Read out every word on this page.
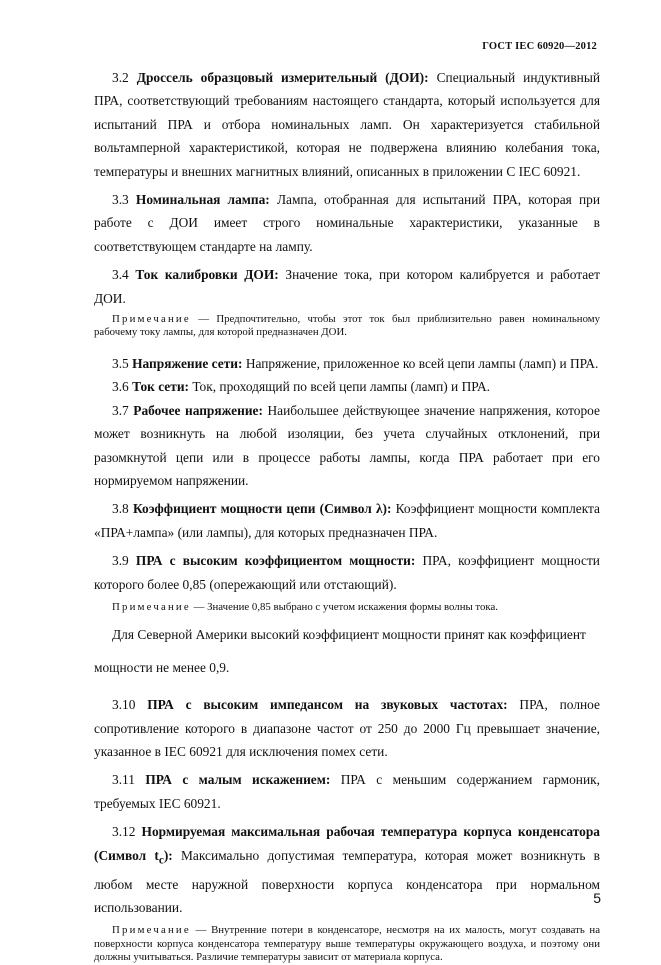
ГОСТ IEC 60920—2012

3.2 Дроссель образцовый измерительный (ДОИ): Специальный индуктивный ПРА, соответствующий требованиям настоящего стандарта, который используется для испытаний ПРА и отбора номинальных ламп. Он характеризуется стабильной вольтамперной характеристикой, которая не подвержена влиянию колебания тока, температуры и внешних магнитных влияний, описанных в приложении С IEC 60921.

3.3 Номинальная лампа: Лампа, отобранная для испытаний ПРА, которая при работе с ДОИ имеет строго номинальные характеристики, указанные в соответствующем стандарте на лампу.

3.4 Ток калибровки ДОИ: Значение тока, при котором калибруется и работает ДОИ.

Примечание — Предпочтительно, чтобы этот ток был приблизительно равен номинальному рабочему току лампы, для которой предназначен ДОИ.

3.5 Напряжение сети: Напряжение, приложенное ко всей цепи лампы (ламп) и ПРА.

3.6 Ток сети: Ток, проходящий по всей цепи лампы (ламп) и ПРА.

3.7 Рабочее напряжение: Наибольшее действующее значение напряжения, которое может возникнуть на любой изоляции, без учета случайных отклонений, при разомкнутой цепи или в процессе работы лампы, когда ПРА работает при его нормируемом напряжении.

3.8 Коэффициент мощности цепи (Символ λ): Коэффициент мощности комплекта «ПРА+лампа» (или лампы), для которых предназначен ПРА.

3.9 ПРА с высоким коэффициентом мощности: ПРА, коэффициент мощности которого более 0,85 (опережающий или отстающий).

Примечание — Значение 0,85 выбрано с учетом искажения формы волны тока.

Для Северной Америки высокий коэффициент мощности принят как коэффициент

мощности не менее 0,9.

3.10 ПРА с высоким импедансом на звуковых частотах: ПРА, полное сопротивление которого в диапазоне частот от 250 до 2000 Гц превышает значение, указанное в IEC 60921 для исключения помех сети.

3.11 ПРА с малым искажением: ПРА с меньшим содержанием гармоник, требуемых IEC 60921.

3.12 Нормируемая максимальная рабочая температура корпуса конденсатора (Символ $t_c$): Максимально допустимая температура, которая может возникнуть в любом месте наружной поверхности корпуса конденсатора при нормальном использовании.

Примечание — Внутренние потери в конденсаторе, несмотря на их малость, могут создавать на поверхности корпуса конденсатора температуру выше температуры окружающего воздуха, и поэтому они должны учитываться. Различие температуры зависит от материала корпуса.

5
